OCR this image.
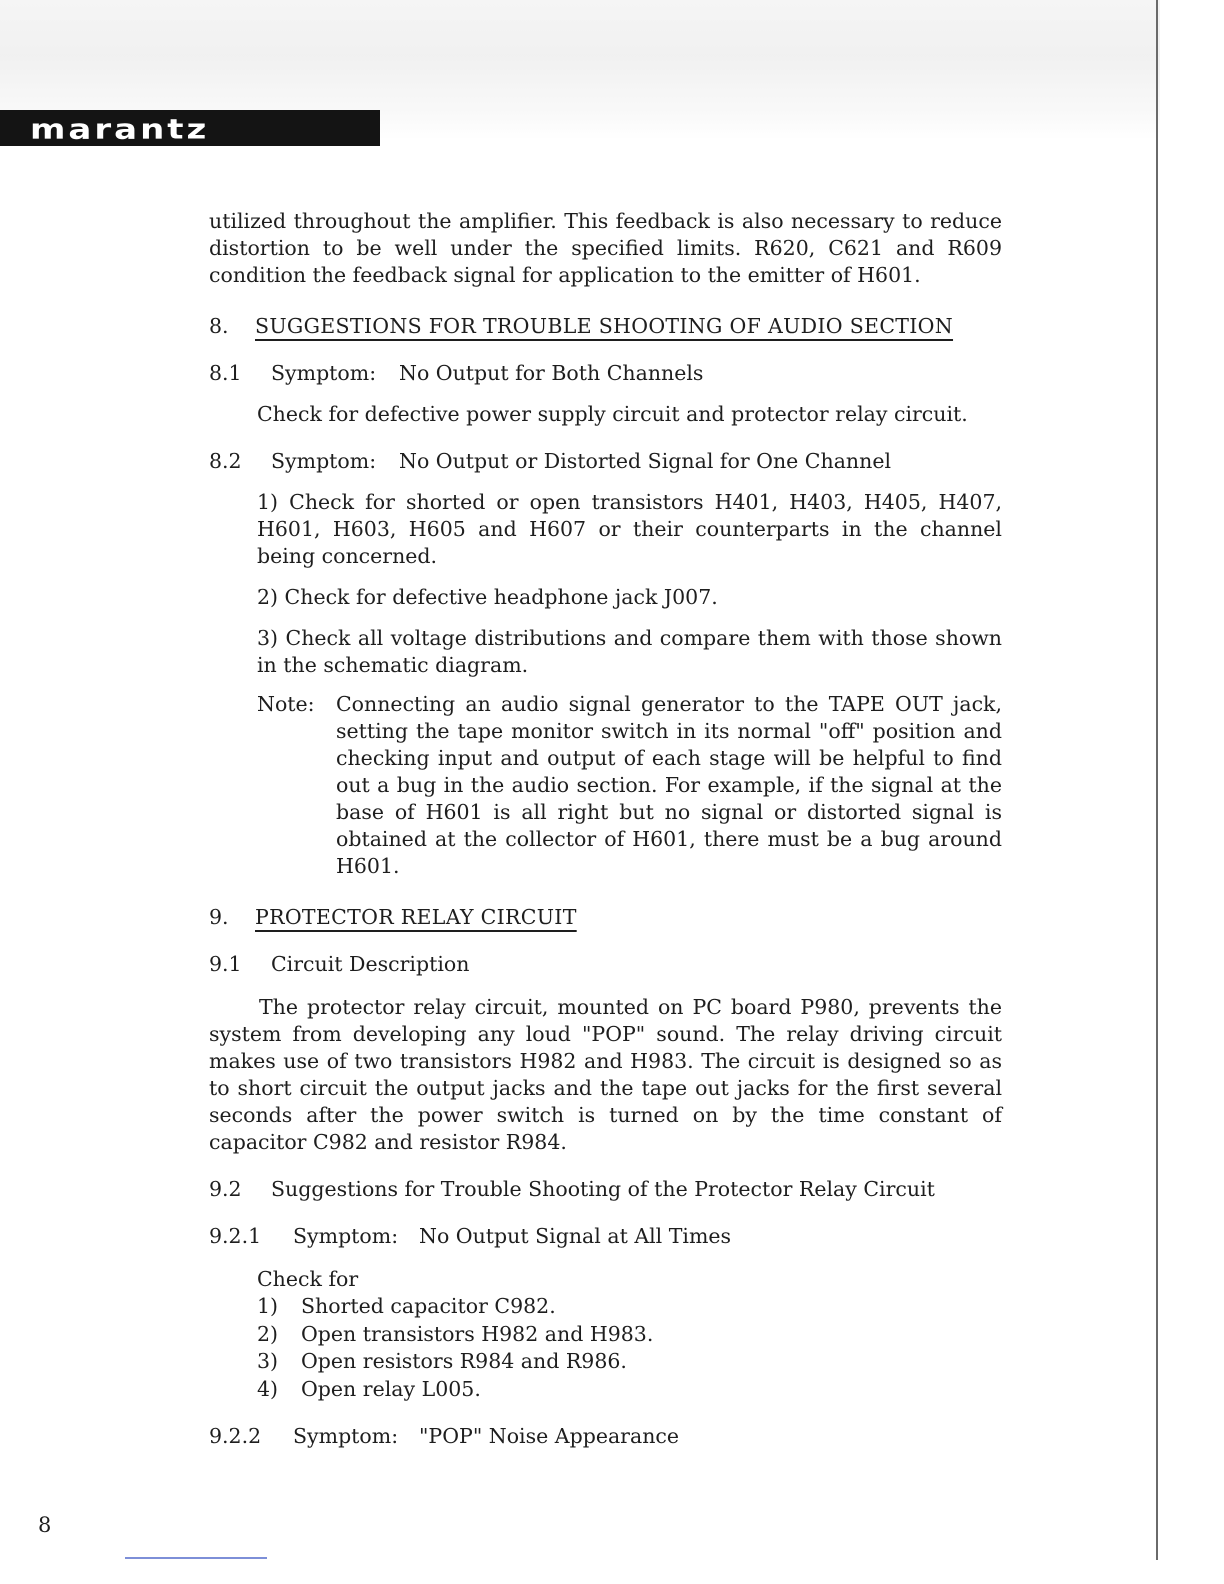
marantz

utilized throughout the amplifier. This feedback is also necessary to reduce distortion to be well under the specified limits. R620, C621 and R609 condition the feedback signal for application to the emitter of H601.

8.	SUGGESTIONS FOR TROUBLE SHOOTING OF AUDIO SECTION
8.1	Symptom:	No Output for Both Channels

Check for defective power supply circuit and protector relay circuit.

8.2	Symptom:	No Output or Distorted Signal for One Channel

1) Check for shorted or open transistors H401, H403, H405, H407, H601, H603, H605 and H607 or their counterparts in the channel being concerned.

2) Check for defective headphone jack J007.

3) Check all voltage distributions and compare them with those shown in the schematic diagram.

Note:	Connecting an audio signal generator to the TAPE OUT jack, setting the tape monitor switch in its normal "off" position and checking input and output of each stage will be helpful to find out a bug in the audio section. For example, if the signal at the base of H601 is all right but no signal or distorted signal is obtained at the collector of H601, there must be a bug around H601.
9.	PROTECTOR RELAY CIRCUIT
9.1	Circuit Description

The protector relay circuit, mounted on PC board P980, prevents the system from developing any loud "POP" sound. The relay driving circuit makes use of two transistors H982 and H983. The circuit is designed so as to short circuit the output jacks and the tape out jacks for the first several seconds after the power switch is turned on by the time constant of capacitor C982 and resistor R984.

9.2	Suggestions for Trouble Shooting of the Protector Relay Circuit
9.2.1	Symptom:	No Output Signal at All Times
Check for
1)	Shorted capacitor C982.
2)	Open transistors H982 and H983.
3)	Open resistors R984 and R986.
4)	Open relay L005.
9.2.2	Symptom:	"POP" Noise Appearance
8
